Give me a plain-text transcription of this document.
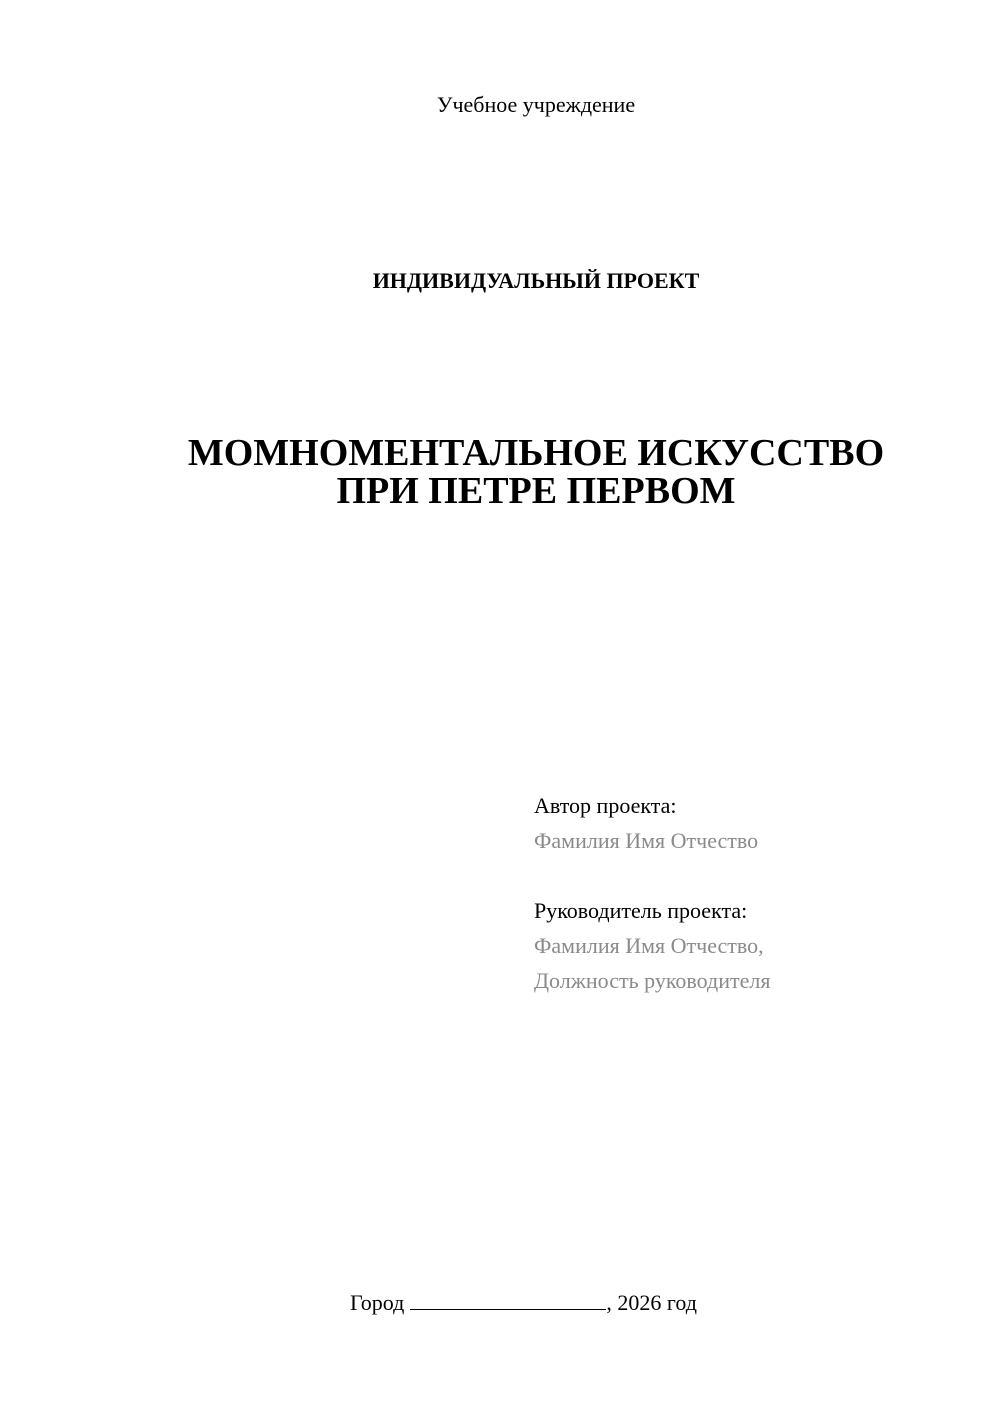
Учебное учреждение
ИНДИВИДУАЛЬНЫЙ ПРОЕКТ
МОМНОМЕНТАЛЬНОЕ ИСКУССТВО
ПРИ ПЕТРЕ ПЕРВОМ
Автор проекта:
Фамилия Имя Отчество
Руководитель проекта:
Фамилия Имя Отчество,
Должность руководителя
Город	, 2026 год
